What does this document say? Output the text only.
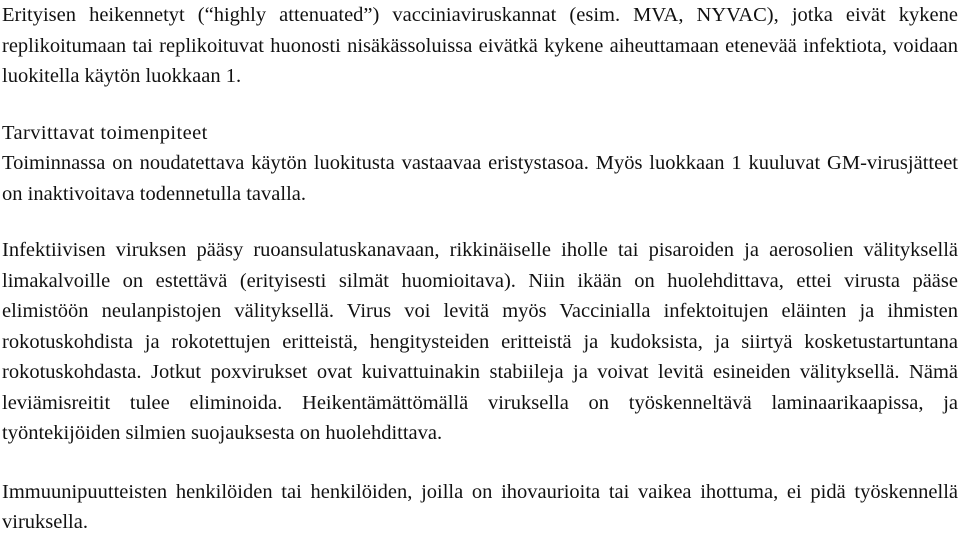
Erityisen heikennetyt (“highly attenuated”) vacciniaviruskannat (esim. MVA, NYVAC), jotka eivät kykene replikoitumaan tai replikoituvat huonosti nisäkässoluissa eivätkä kykene aiheuttamaan etenevää infektiota, voidaan luokitella käytön luokkaan 1.

Tarvittavat toimenpiteet

Toiminnassa on noudatettava käytön luokitusta vastaavaa eristystasoa. Myös luokkaan 1 kuuluvat GM-virusjätteet on inaktivoitava todennetulla tavalla.

Infektiivisen viruksen pääsy ruoansulatuskanavaan, rikkinäiselle iholle tai pisaroiden ja aerosolien välityksellä limakalvoille on estettävä (erityisesti silmät huomioitava). Niin ikään on huolehdittava, ettei virusta pääse elimistöön neulanpistojen välityksellä. Virus voi levitä myös Vaccinialla infektoitujen eläinten ja ihmisten rokotuskohdista ja rokotettujen eritteistä, hengitysteiden eritteistä ja kudoksista, ja siirtyä kosketustartuntana rokotuskohdasta. Jotkut poxvirukset ovat kuivattuinakin stabiileja ja voivat levitä esineiden välityksellä. Nämä leviämisreitit tulee eliminoida. Heikentämättömällä viruksella on työskenneltävä laminaarikaapissa, ja työntekijöiden silmien suojauksesta on huolehdittava.

Immuunipuutteisten henkilöiden tai henkilöiden, joilla on ihovaurioita tai vaikea ihottuma, ei pidä työskennellä viruksella.
